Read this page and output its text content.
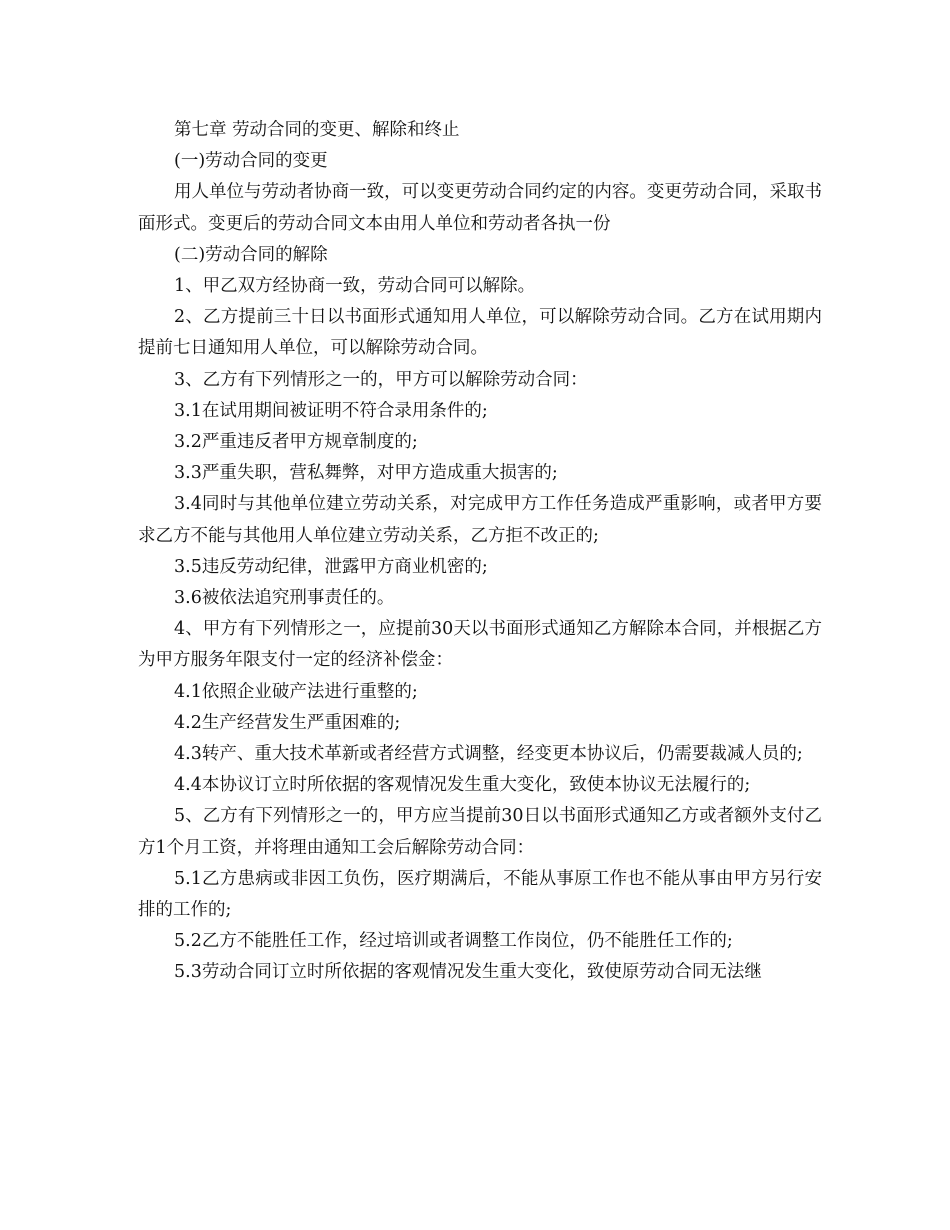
第七章 劳动合同的变更、解除和终止

(一)劳动合同的变更

用人单位与劳动者协商一致，可以变更劳动合同约定的内容。变更劳动合同，采取书面形式。变更后的劳动合同文本由用人单位和劳动者各执一份

(二)劳动合同的解除

1、甲乙双方经协商一致，劳动合同可以解除。

2、乙方提前三十日以书面形式通知用人单位，可以解除劳动合同。乙方在试用期内提前七日通知用人单位，可以解除劳动合同。

3、乙方有下列情形之一的，甲方可以解除劳动合同：

3.1在试用期间被证明不符合录用条件的;

3.2严重违反者甲方规章制度的;

3.3严重失职，营私舞弊，对甲方造成重大损害的;

3.4同时与其他单位建立劳动关系，对完成甲方工作任务造成严重影响，或者甲方要求乙方不能与其他用人单位建立劳动关系，乙方拒不改正的;

3.5违反劳动纪律，泄露甲方商业机密的;

3.6被依法追究刑事责任的。

4、甲方有下列情形之一，应提前30天以书面形式通知乙方解除本合同，并根据乙方为甲方服务年限支付一定的经济补偿金：

4.1依照企业破产法进行重整的;

4.2生产经营发生严重困难的;

4.3转产、重大技术革新或者经营方式调整，经变更本协议后，仍需要裁减人员的;

4.4本协议订立时所依据的客观情况发生重大变化，致使本协议无法履行的;

5、乙方有下列情形之一的，甲方应当提前30日以书面形式通知乙方或者额外支付乙方1个月工资，并将理由通知工会后解除劳动合同：

5.1乙方患病或非因工负伤，医疗期满后，不能从事原工作也不能从事由甲方另行安排的工作的;

5.2乙方不能胜任工作，经过培训或者调整工作岗位，仍不能胜任工作的;

5.3劳动合同订立时所依据的客观情况发生重大变化，致使原劳动合同无法继
